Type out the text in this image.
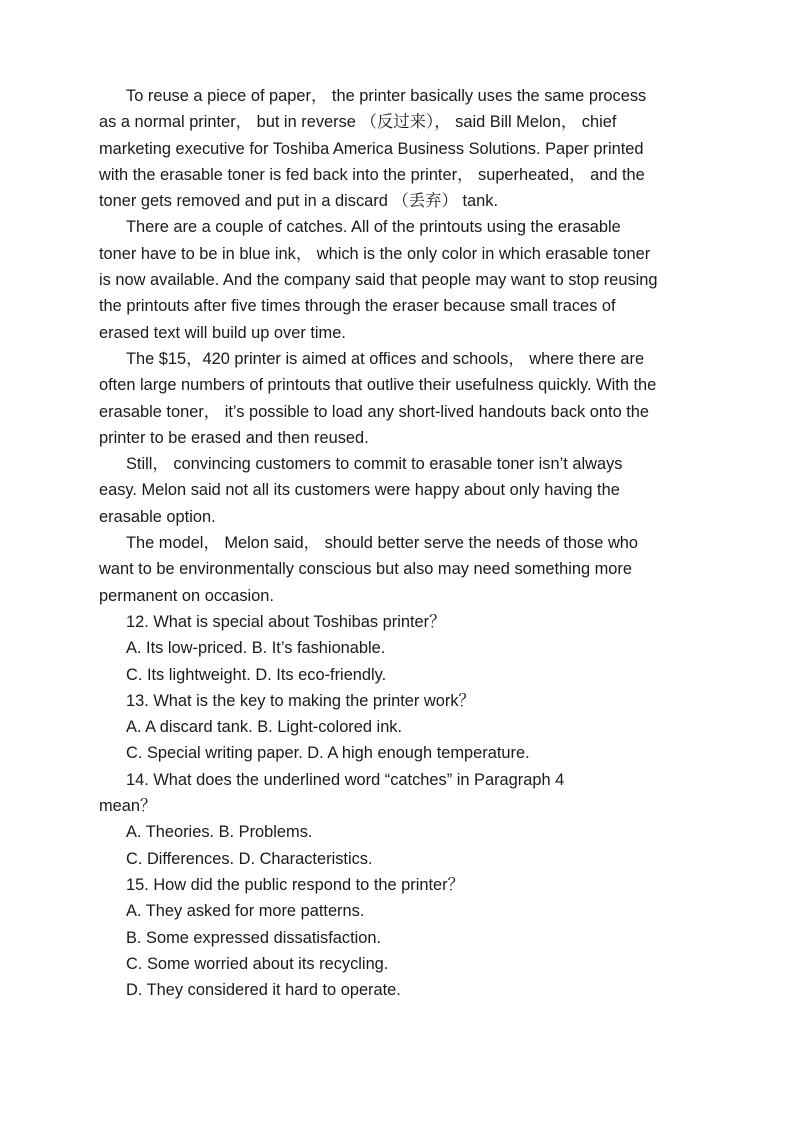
To reuse a piece of paper， the printer basically uses the same process
as a normal printer， but in reverse （反过来）， said Bill Melon， chief
marketing executive for Toshiba America Business Solutions. Paper printed
with the erasable toner is fed back into the printer， superheated， and the
toner gets removed and put in a discard （丢弃） tank.

There are a couple of catches. All of the printouts using the erasable
toner have to be in blue ink， which is the only color in which erasable toner
is now available. And the company said that people may want to stop reusing
the printouts after five times through the eraser because small traces of
erased text will build up over time.

The $15，420 printer is aimed at offices and schools， where there are
often large numbers of printouts that outlive their usefulness quickly. With the
erasable toner， it’s possible to load any short-lived handouts back onto the
printer to be erased and then reused.

Still， convincing customers to commit to erasable toner isn’t always
easy. Melon said not all its customers were happy about only having the
erasable option.

The model， Melon said， should better serve the needs of those who
want to be environmentally conscious but also may need something more
permanent on occasion.

12. What is special about Toshibas printer？
A. Its low-priced. B. It’s fashionable.
C. Its lightweight. D. Its eco-friendly.
13. What is the key to making the printer work？
A. A discard tank. B. Light-colored ink.
C. Special writing paper. D. A high enough temperature.
14. What does the underlined word “catches” in Paragraph 4
mean？
A. Theories. B. Problems.
C. Differences. D. Characteristics.
15. How did the public respond to the printer？
A. They asked for more patterns.
B. Some expressed dissatisfaction.
C. Some worried about its recycling.
D. They considered it hard to operate.
